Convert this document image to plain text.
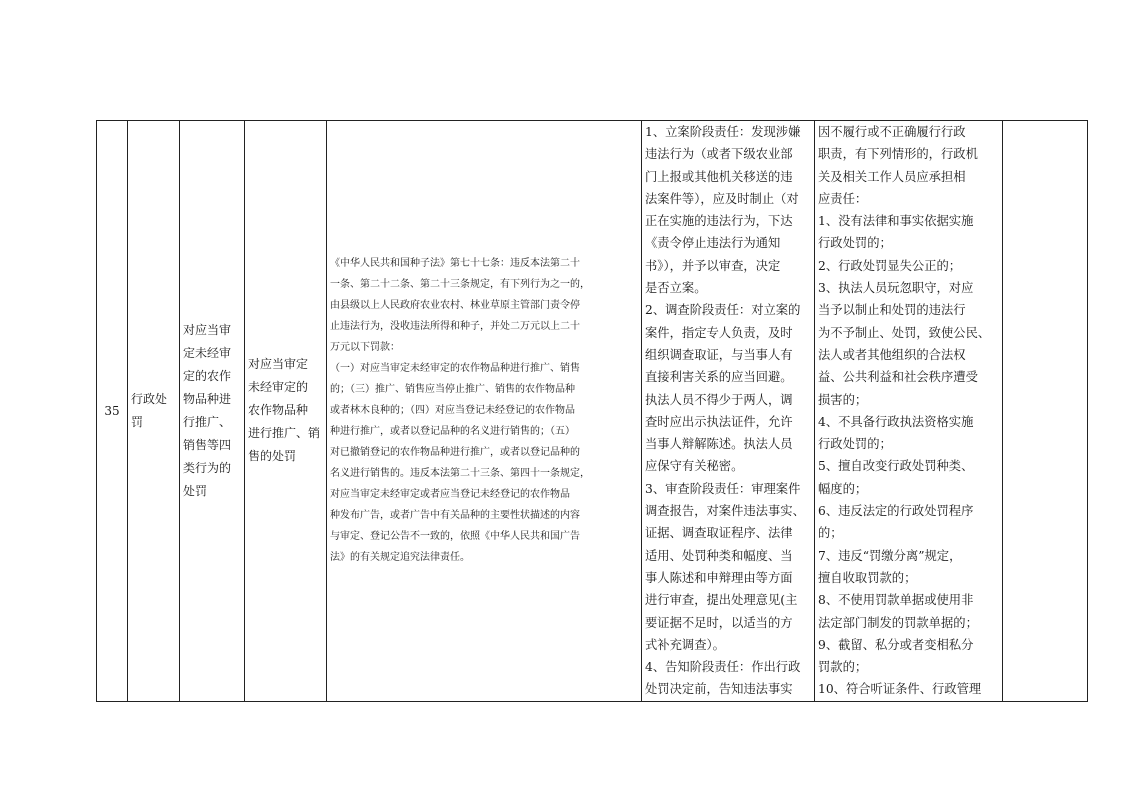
35	
行政处
罚

对应当审
定未经审
定的农作
物品种进
行推广、
销售等四
类行为的
处罚

对应当审定
未经审定的
农作物品种
进行推广、销
售的处罚

《中华人民共和国种子法》第七十七条：违反本法第二十
一条、第二十二条、第二十三条规定，有下列行为之一的，
由县级以上人民政府农业农村、林业草原主管部门责令停
止违法行为，没收违法所得和种子，并处二万元以上二十
万元以下罚款：
（一）对应当审定未经审定的农作物品种进行推广、销售
的；（三）推广、销售应当停止推广、销售的农作物品种
或者林木良种的；（四）对应当登记未经登记的农作物品
种进行推广，或者以登记品种的名义进行销售的；（五）
对已撤销登记的农作物品种进行推广，或者以登记品种的
名义进行销售的。违反本法第二十三条、第四十一条规定，
对应当审定未经审定或者应当登记未经登记的农作物品
种发布广告，或者广告中有关品种的主要性状描述的内容
与审定、登记公告不一致的，依照《中华人民共和国广告
法》的有关规定追究法律责任。

1、立案阶段责任：发现涉嫌
违法行为（或者下级农业部
门上报或其他机关移送的违
法案件等），应及时制止（对
正在实施的违法行为，下达
《责令停止违法行为通知
书》），并予以审查，决定
是否立案。
2、调查阶段责任：对立案的
案件，指定专人负责，及时
组织调查取证，与当事人有
直接利害关系的应当回避。
执法人员不得少于两人，调
查时应出示执法证件，允许
当事人辩解陈述。执法人员
应保守有关秘密。
3、审查阶段责任：审理案件
调查报告，对案件违法事实、
证据、调查取证程序、法律
适用、处罚种类和幅度、当
事人陈述和申辩理由等方面
进行审查，提出处理意见(主
要证据不足时，以适当的方
式补充调查）。
4、告知阶段责任：作出行政
处罚决定前，告知违法事实

因不履行或不正确履行行政
职责，有下列情形的，行政机
关及相关工作人员应承担相
应责任：
1、没有法律和事实依据实施
行政处罚的；
2、行政处罚显失公正的；
3、执法人员玩忽职守，对应
当予以制止和处罚的违法行
为不予制止、处罚，致使公民、
法人或者其他组织的合法权
益、公共利益和社会秩序遭受
损害的；
4、不具备行政执法资格实施
行政处罚的；
5、擅自改变行政处罚种类、
幅度的；
6、违反法定的行政处罚程序
的；
7、违反“罚缴分离”规定，
擅自收取罚款的；
8、不使用罚款单据或使用非
法定部门制发的罚款单据的；
9、截留、私分或者变相私分
罚款的；
10、符合听证条件、行政管理
